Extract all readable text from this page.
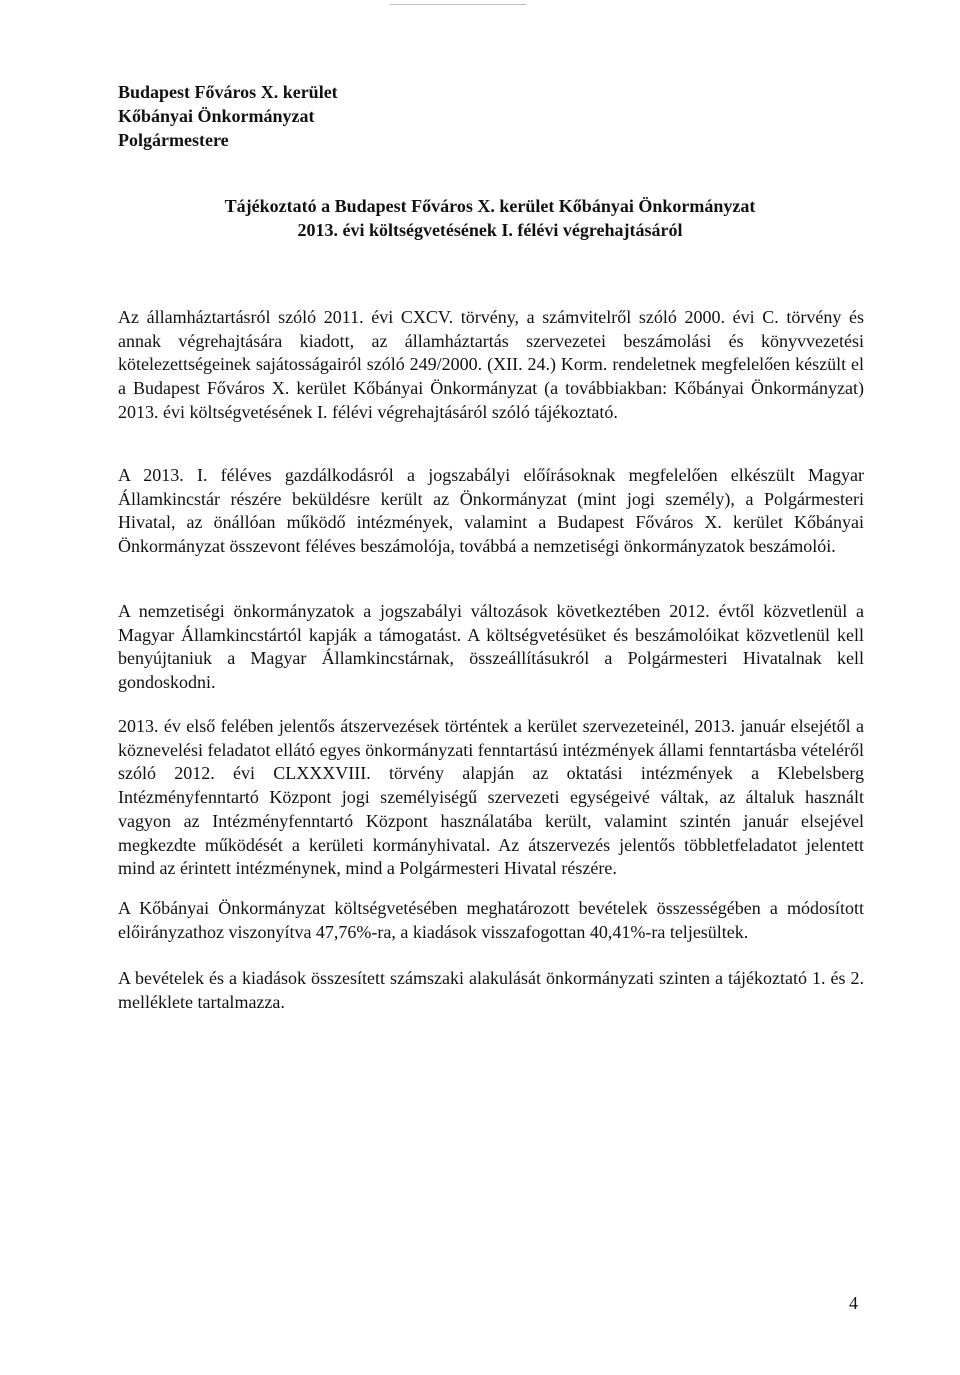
Budapest Főváros X. kerület
Kőbányai Önkormányzat
Polgármestere
Tájékoztató a Budapest Főváros X. kerület Kőbányai Önkormányzat
2013. évi költségvetésének I. félévi végrehajtásáról

Az államháztartásról szóló 2011. évi CXCV. törvény, a számvitelről szóló 2000. évi C. törvény és annak végrehajtására kiadott, az államháztartás szervezetei beszámolási és könyvvezetési kötelezettségeinek sajátosságairól szóló 249/2000. (XII. 24.) Korm. rendeletnek megfelelően készült el a Budapest Főváros X. kerület Kőbányai Önkormányzat (a továbbiakban: Kőbányai Önkormányzat) 2013. évi költségvetésének I. félévi végrehajtásáról szóló tájékoztató.

A 2013. I. féléves gazdálkodásról a jogszabályi előírásoknak megfelelően elkészült Magyar Államkincstár részére beküldésre került az Önkormányzat (mint jogi személy), a Polgármesteri Hivatal, az önállóan működő intézmények, valamint a Budapest Főváros X. kerület Kőbányai Önkormányzat összevont féléves beszámolója, továbbá a nemzetiségi önkormányzatok beszámolói.

A nemzetiségi önkormányzatok a jogszabályi változások következtében 2012. évtől közvetlenül a Magyar Államkincstártól kapják a támogatást. A költségvetésüket és beszámolóikat közvetlenül kell benyújtaniuk a Magyar Államkincstárnak, összeállításukról a Polgármesteri Hivatalnak kell gondoskodni.

2013. év első felében jelentős átszervezések történtek a kerület szervezeteinél, 2013. január elsejétől a köznevelési feladatot ellátó egyes önkormányzati fenntartású intézmények állami fenntartásba vételéről szóló 2012. évi CLXXXVIII. törvény alapján az oktatási intézmények a Klebelsberg Intézményfenntartó Központ jogi személyiségű szervezeti egységeivé váltak, az általuk használt vagyon az Intézményfenntartó Központ használatába került, valamint szintén január elsejével megkezdte működését a kerületi kormányhivatal. Az átszervezés jelentős többletfeladatot jelentett mind az érintett intézménynek, mind a Polgármesteri Hivatal részére.

A Kőbányai Önkormányzat költségvetésében meghatározott bevételek összességében a módosított előirányzathoz viszonyítva 47,76%-ra, a kiadások visszafogottan 40,41%-ra teljesültek.

A bevételek és a kiadások összesített számszaki alakulását önkormányzati szinten a tájékoztató 1. és 2. melléklete tartalmazza.

4
